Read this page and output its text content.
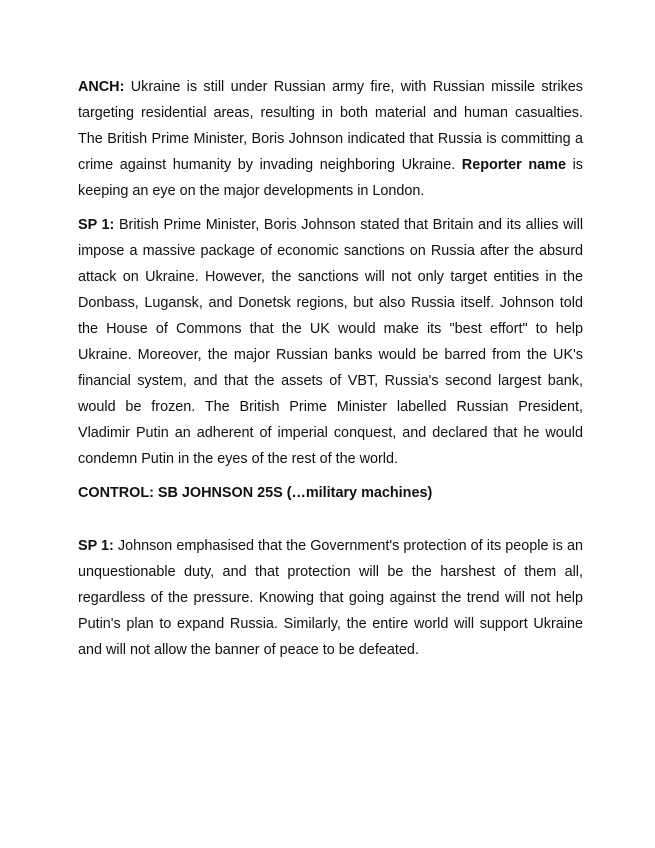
ANCH: Ukraine is still under Russian army fire, with Russian missile strikes targeting residential areas, resulting in both material and human casualties. The British Prime Minister, Boris Johnson indicated that Russia is committing a crime against humanity by invading neighboring Ukraine. Reporter name is keeping an eye on the major developments in London.

SP 1: British Prime Minister, Boris Johnson stated that Britain and its allies will impose a massive package of economic sanctions on Russia after the absurd attack on Ukraine. However, the sanctions will not only target entities in the Donbass, Lugansk, and Donetsk regions, but also Russia itself. Johnson told the House of Commons that the UK would make its "best effort" to help Ukraine. Moreover, the major Russian banks would be barred from the UK's financial system, and that the assets of VBT, Russia's second largest bank, would be frozen. The British Prime Minister labelled Russian President, Vladimir Putin an adherent of imperial conquest, and declared that he would condemn Putin in the eyes of the rest of the world.

CONTROL: SB JOHNSON 25S (…military machines)

SP 1: Johnson emphasised that the Government's protection of its people is an unquestionable duty, and that protection will be the harshest of them all, regardless of the pressure. Knowing that going against the trend will not help Putin's plan to expand Russia. Similarly, the entire world will support Ukraine and will not allow the banner of peace to be defeated.
